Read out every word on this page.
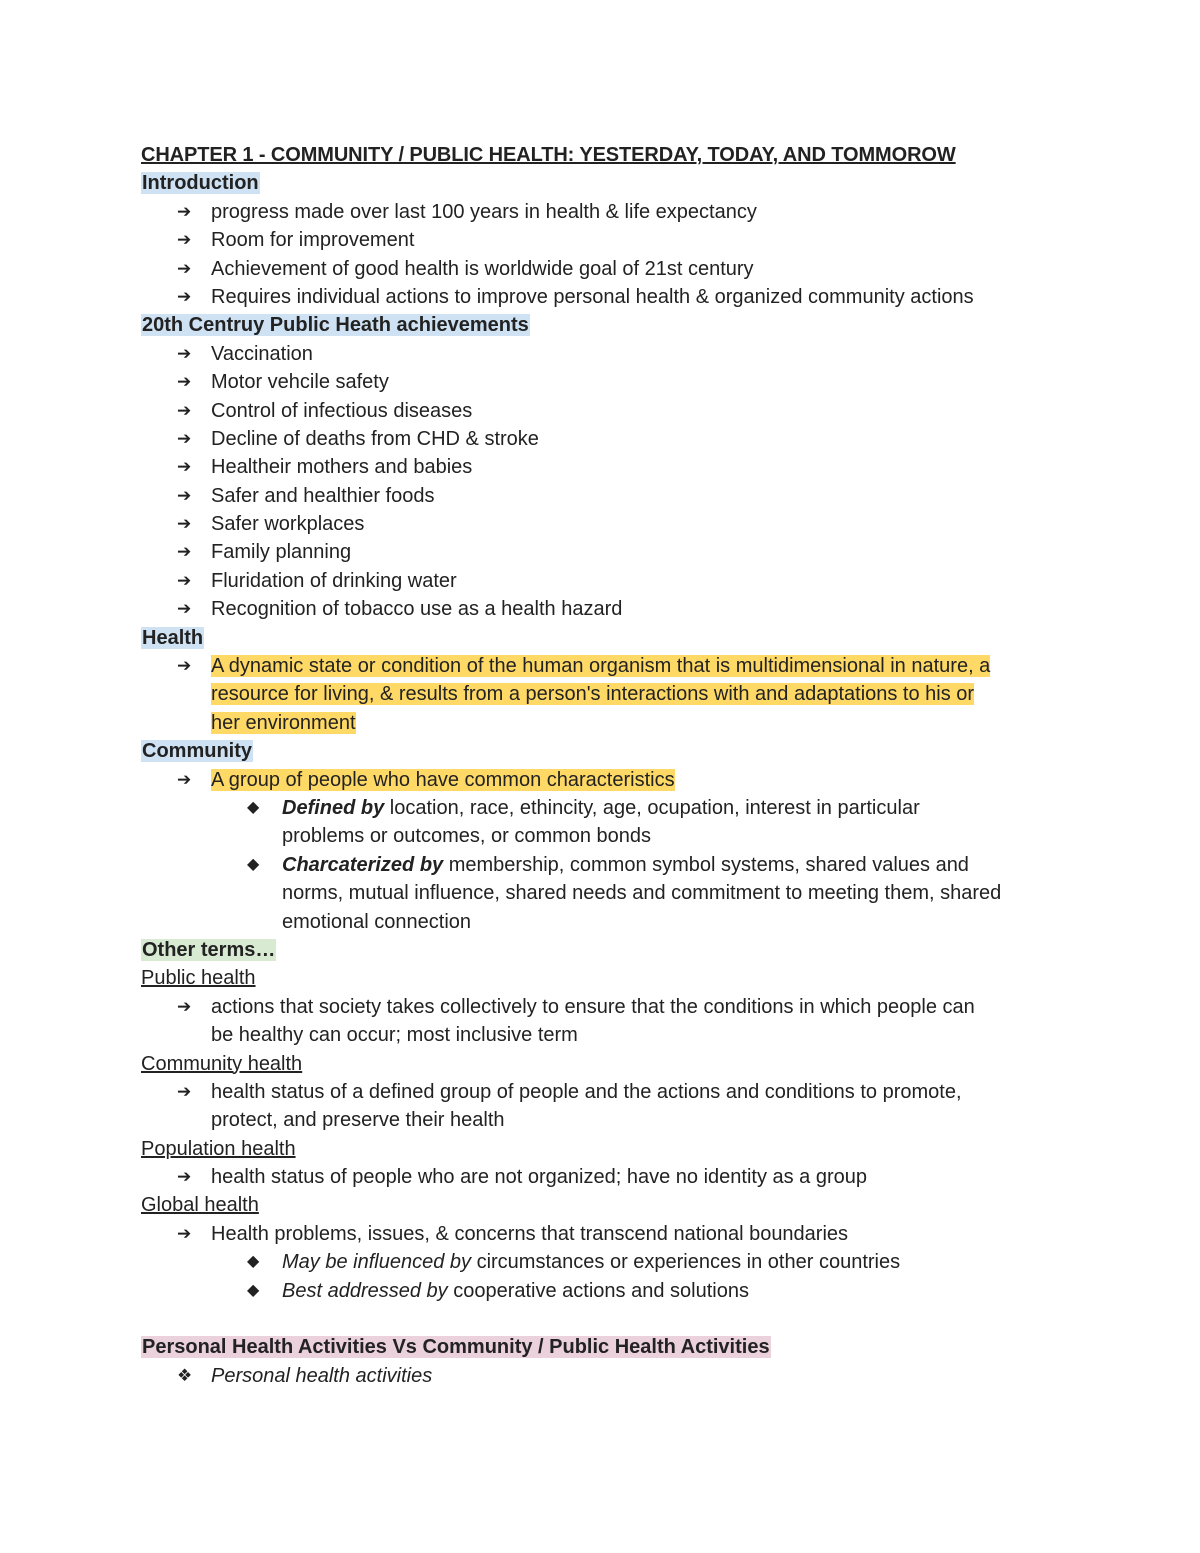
CHAPTER 1 - COMMUNITY / PUBLIC HEALTH: YESTERDAY, TODAY, AND TOMMOROW
Introduction
➔ progress made over last 100 years in health & life expectancy
➔ Room for improvement
➔ Achievement of good health is worldwide goal of 21st century
➔ Requires individual actions to improve personal health & organized community actions
20th Centruy Public Heath achievements
➔ Vaccination
➔ Motor vehcile safety
➔ Control of infectious diseases
➔ Decline of deaths from CHD & stroke
➔ Healtheir mothers and babies
➔ Safer and healthier foods
➔ Safer workplaces
➔ Family planning
➔ Fluridation of drinking water
➔ Recognition of tobacco use as a health hazard
Health
➔ A dynamic state or condition of the human organism that is multidimensional in nature, a
resource for living, & results from a person's interactions with and adaptations to his or
her environment
Community
➔ A group of people who have common characteristics
◆ Defined by location, race, ethincity, age, ocupation, interest in particular
problems or outcomes, or common bonds
◆ Charcaterized by membership, common symbol systems, shared values and
norms, mutual influence, shared needs and commitment to meeting them, shared
emotional connection
Other terms…
Public health
➔ actions that society takes collectively to ensure that the conditions in which people can
be healthy can occur; most inclusive term
Community health
➔ health status of a defined group of people and the actions and conditions to promote,
protect, and preserve their health
Population health
➔ health status of people who are not organized; have no identity as a group
Global health
➔ Health problems, issues, & concerns that transcend national boundaries
◆ May be influenced by circumstances or experiences in other countries
◆ Best addressed by cooperative actions and solutions
Personal Health Activities Vs Community / Public Health Activities
❖ Personal health activities
